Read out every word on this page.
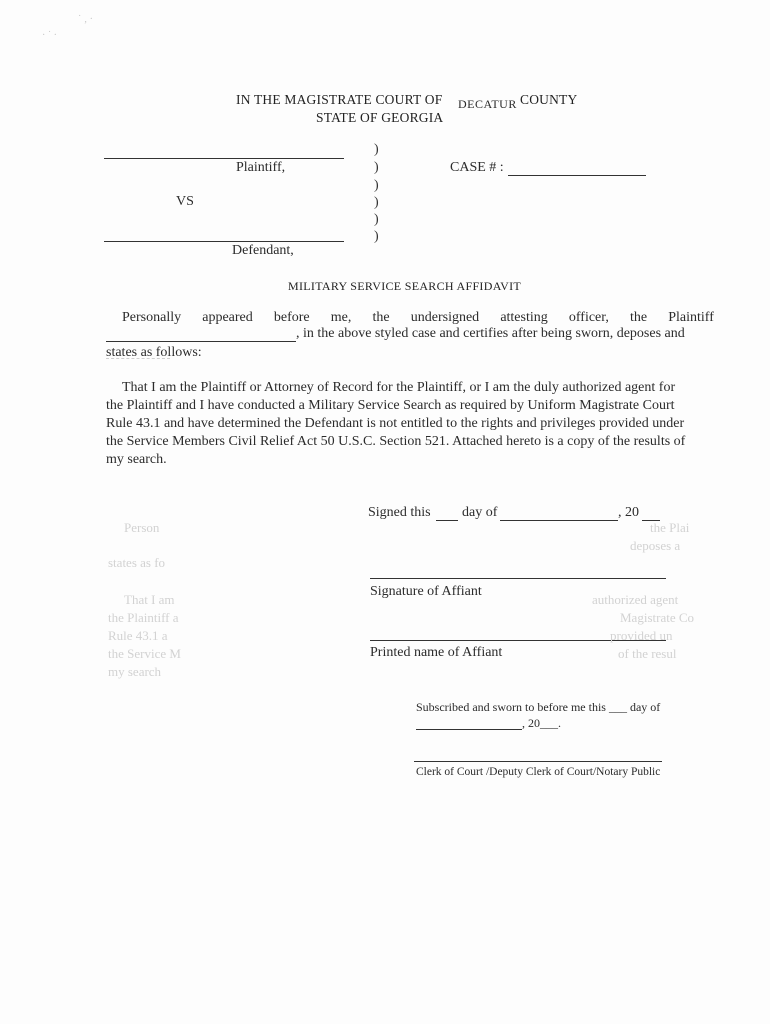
· ˙ ·
˙ ‚ ·
IN THE MAGISTRATE COURT OF DECATUR COUNTY
STATE OF GEORGIA
Plaintiff,
VS
Defendant,
)
)
)
)
)
)
CASE # :
MILITARY SERVICE SEARCH AFFIDAVIT
Personally appeared before me, the undersigned attesting officer, the Plaintiff
, in the above styled case and certifies after being sworn, deposes and
states as follows:
That I am the Plaintiff or Attorney of Record for the Plaintiff, or I am the duly authorized agent for
the Plaintiff and I have conducted a Military Service Search as required by Uniform Magistrate Court
Rule 43.1 and have determined the Defendant is not entitled to the rights and privileges provided under
the Service Members Civil Relief Act 50 U.S.C. Section 521. Attached hereto is a copy of the results of
my search.
Signed this day of	, 20
Signature of Affiant
Printed name of Affiant
Subscribed and sworn to before me this ___ day of
, 20___.
Clerk of Court /Deputy Clerk of Court/Notary Public
Person
states as fo
That I am
the Plaintiff a
Rule 43.1 a
the Service M
my search
the Plai
deposes a
authorized agent
Magistrate Co
provided un
of the resul
